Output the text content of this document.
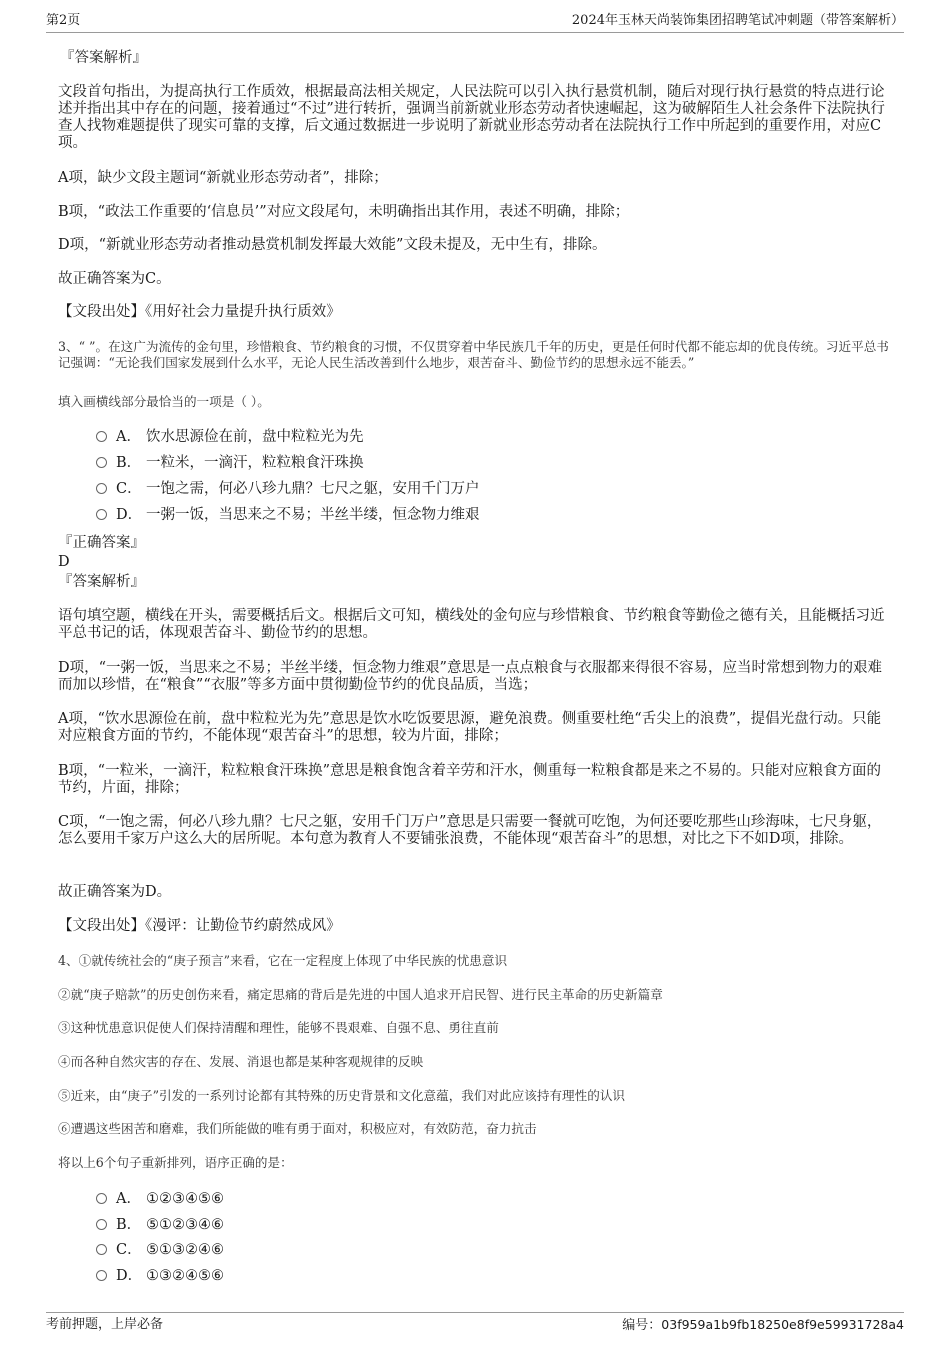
第2页	2024年玉林天尚装饰集团招聘笔试冲刺题（带答案解析）
『答案解析』
文段首句指出，为提高执行工作质效，根据最高法相关规定，人民法院可以引入执行悬赏机制，随后对现行执行悬赏的特点进行论述并指出其中存在的问题，接着通过“不过”进行转折，强调当前新就业形态劳动者快速崛起，这为破解陌生人社会条件下法院执行查人找物难题提供了现实可靠的支撑，后文通过数据进一步说明了新就业形态劳动者在法院执行工作中所起到的重要作用，对应C项。
A项，缺少文段主题词“新就业形态劳动者”，排除；
B项，“政法工作重要的‘信息员’”对应文段尾句，未明确指出其作用，表述不明确，排除；
D项，“新就业形态劳动者推动悬赏机制发挥最大效能”文段未提及，无中生有，排除。
故正确答案为C。
【文段出处】《用好社会力量提升执行质效》
3、“ ”。在这广为流传的金句里，珍惜粮食、节约粮食的习惯，不仅贯穿着中华民族几千年的历史，更是任何时代都不能忘却的优良传统。习近平总书记强调：“无论我们国家发展到什么水平，无论人民生活改善到什么地步，艰苦奋斗、勤俭节约的思想永远不能丢。”
填入画横线部分最恰当的一项是（ ）。
A． 饮水思源俭在前，盘中粒粒光为先
B． 一粒米，一滴汗，粒粒粮食汗珠换
C． 一饱之需，何必八珍九鼎？七尺之躯，安用千门万户
D． 一粥一饭，当思来之不易；半丝半缕，恒念物力维艰
『正确答案』
D
『答案解析』
语句填空题，横线在开头，需要概括后文。根据后文可知，横线处的金句应与珍惜粮食、节约粮食等勤俭之德有关，且能概括习近平总书记的话，体现艰苦奋斗、勤俭节约的思想。
D项，“一粥一饭，当思来之不易；半丝半缕，恒念物力维艰”意思是一点点粮食与衣服都来得很不容易，应当时常想到物力的艰难而加以珍惜，在“粮食”“衣服”等多方面中贯彻勤俭节约的优良品质，当选；
A项，“饮水思源俭在前，盘中粒粒光为先”意思是饮水吃饭要思源，避免浪费。侧重要杜绝“舌尖上的浪费”，提倡光盘行动。只能对应粮食方面的节约，不能体现“艰苦奋斗”的思想，较为片面，排除；
B项，“一粒米，一滴汗，粒粒粮食汗珠换”意思是粮食饱含着辛劳和汗水，侧重每一粒粮食都是来之不易的。只能对应粮食方面的节约，片面，排除；
C项，“一饱之需，何必八珍九鼎？七尺之躯，安用千门万户”意思是只需要一餐就可吃饱，为何还要吃那些山珍海味，七尺身躯，怎么要用千家万户这么大的居所呢。本句意为教育人不要铺张浪费，不能体现“艰苦奋斗”的思想，对比之下不如D项，排除。
故正确答案为D。
【文段出处】《漫评：让勤俭节约蔚然成风》
4、①就传统社会的“庚子预言”来看，它在一定程度上体现了中华民族的忧患意识
②就“庚子赔款”的历史创伤来看，痛定思痛的背后是先进的中国人追求开启民智、进行民主革命的历史新篇章
③这种忧患意识促使人们保持清醒和理性，能够不畏艰难、自强不息、勇往直前
④而各种自然灾害的存在、发展、消退也都是某种客观规律的反映
⑤近来，由“庚子”引发的一系列讨论都有其特殊的历史背景和文化意蕴，我们对此应该持有理性的认识
⑥遭遇这些困苦和磨难，我们所能做的唯有勇于面对，积极应对，有效防范，奋力抗击
将以上6个句子重新排列，语序正确的是：
A． ①②③④⑤⑥
B． ⑤①②③④⑥
C． ⑤①③②④⑥
D． ①③②④⑤⑥
考前押题，上岸必备	编号：03f959a1b9fb18250e8f9e59931728a4
